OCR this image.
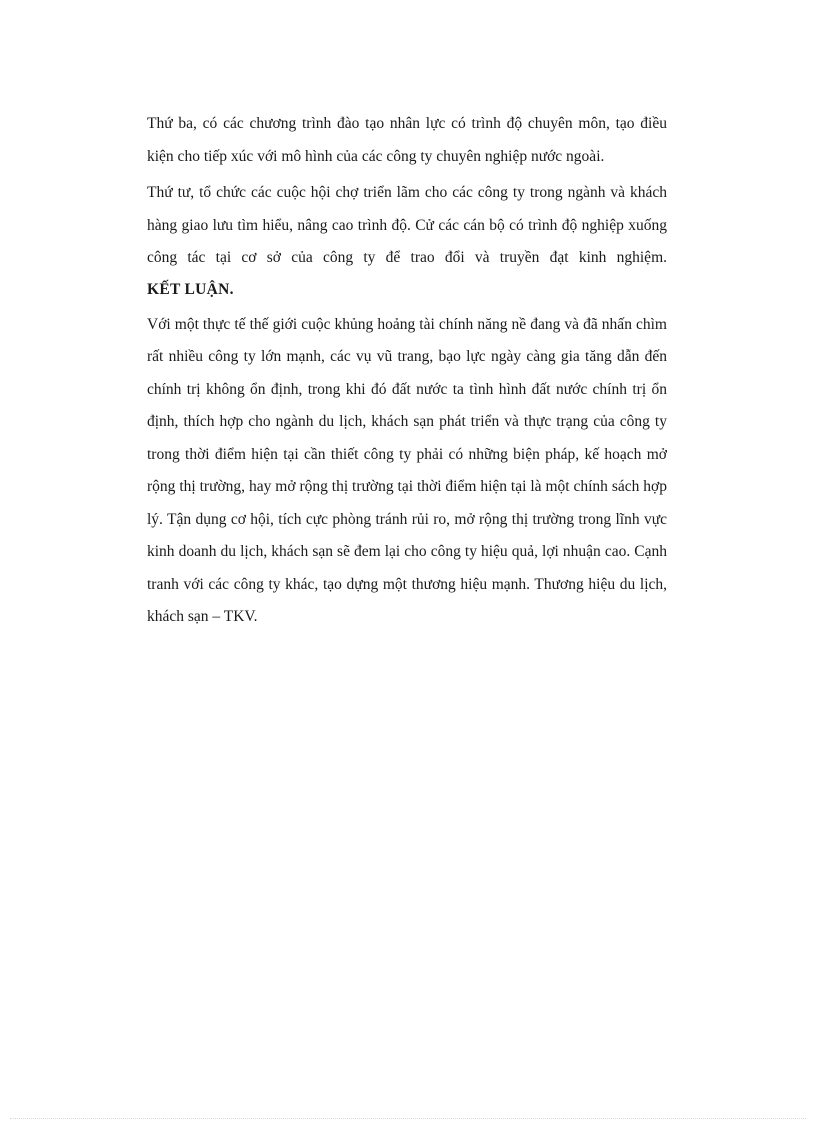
Thứ ba, có các chương trình đào tạo nhân lực có trình độ chuyên môn, tạo điều kiện cho tiếp xúc với mô hình của các công ty chuyên nghiệp nước ngoài.

Thứ tư, tổ chức các cuộc hội chợ triển lãm cho các công ty trong ngành và khách hàng giao lưu tìm hiểu, nâng cao trình độ. Cử các cán bộ có trình độ nghiệp xuống công tác tại cơ sở của công ty để trao đổi và truyền đạt kinh nghiệm.

KẾT LUẬN.

Với một thực tế thế giới cuộc khủng hoảng tài chính năng nề đang và đã nhấn chìm rất nhiều công ty lớn mạnh, các vụ vũ trang, bạo lực ngày càng gia tăng dẫn đến chính trị không ổn định, trong khi đó đất nước ta tình hình đất nước chính trị ổn định, thích hợp cho ngành du lịch, khách sạn phát triển và thực trạng của công ty trong thời điểm hiện tại cần thiết công ty phải có những biện pháp, kế hoạch mở rộng thị trường, hay mở rộng thị trường tại thời điểm hiện tại là một chính sách hợp lý. Tận dụng cơ hội, tích cực phòng tránh rủi ro, mở rộng thị trường trong lĩnh vực kinh doanh du lịch, khách sạn sẽ đem lại cho công ty hiệu quả, lợi nhuận cao. Cạnh tranh với các công ty khác, tạo dựng một thương hiệu mạnh. Thương hiệu du lịch, khách sạn – TKV.
